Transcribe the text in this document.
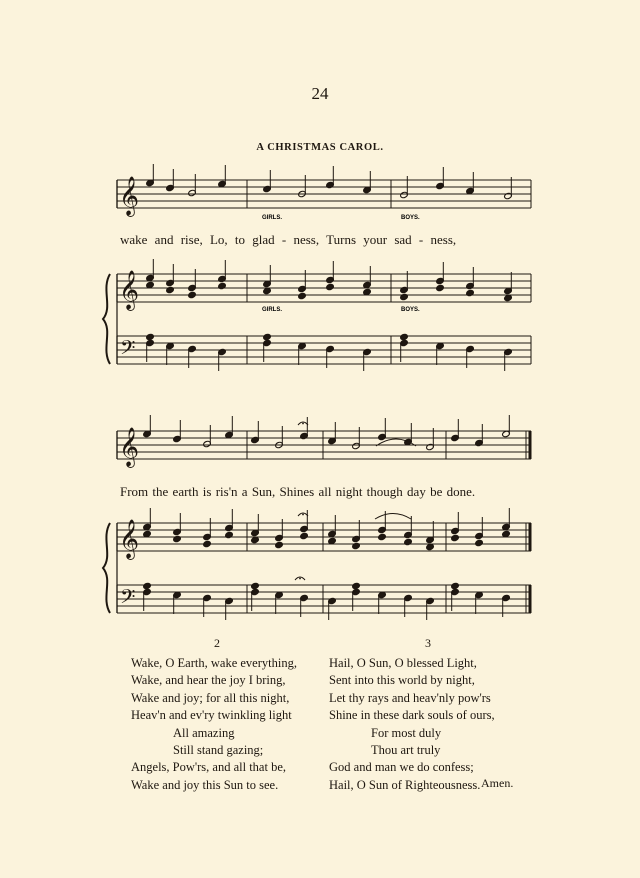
24
A CHRISTMAS CAROL.
𝄞
𝄞
𝄢
𝄞
𝄞
𝄢
GIRLS.	BOYS.
GIRLS.	BOYS.
wake and rise, Lo, to glad - ness, Turns your sad - ness,
From the earth is ris'n a Sun, Shines all night though day be done.
2	3
Wake, O Earth, wake everything,
Wake, and hear the joy I bring,
Wake and joy; for all this night,
Heav'n and ev'ry twinkling light
All amazing
Still stand gazing;
Angels, Pow'rs, and all that be,
Wake and joy this Sun to see.
Hail, O Sun, O blessed Light,
Sent into this world by night,
Let thy rays and heav'nly pow'rs
Shine in these dark souls of ours,
For most duly
Thou art truly
God and man we do confess;
Hail, O Sun of Righteousness. Amen.
